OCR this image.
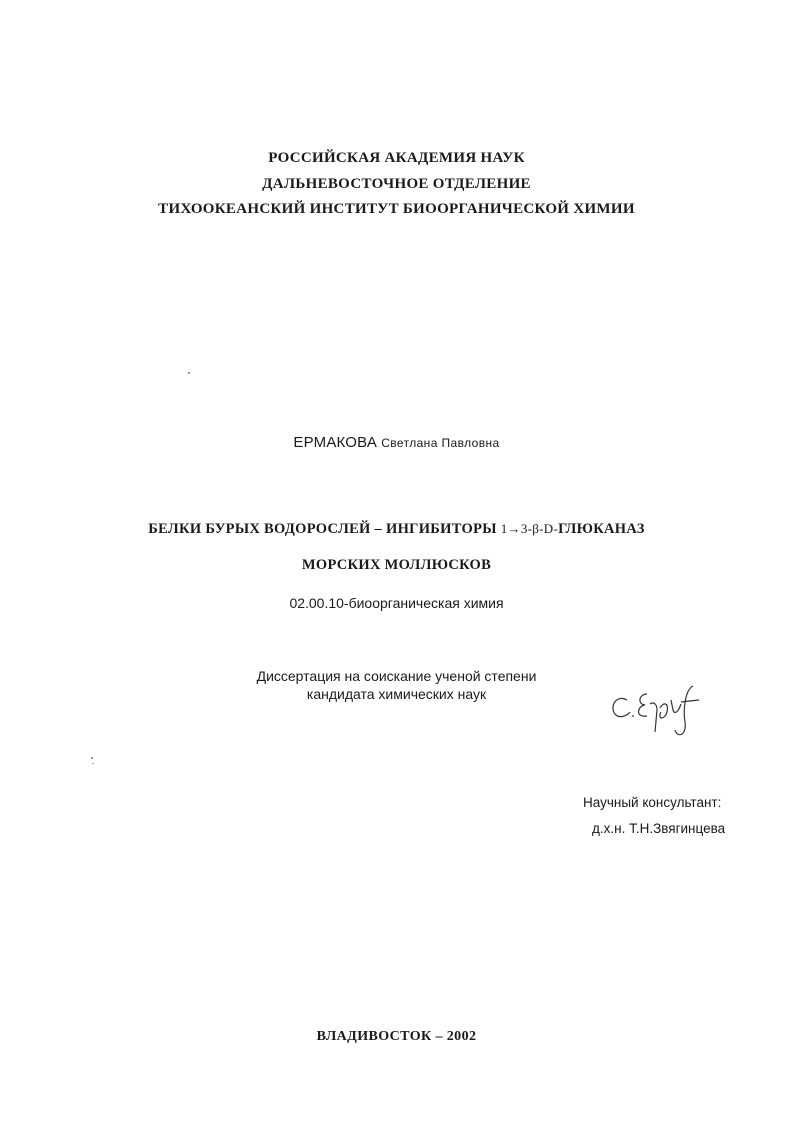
РОССИЙСКАЯ АКАДЕМИЯ НАУК
ДАЛЬНЕВОСТОЧНОЕ ОТДЕЛЕНИЕ
ТИХООКЕАНСКИЙ ИНСТИТУТ БИООРГАНИЧЕСКОЙ ХИМИИ
ЕРМАКОВА Светлана Павловна
БЕЛКИ БУРЫХ ВОДОРОСЛЕЙ – ИНГИБИТОРЫ 1→3-β-D-ГЛЮКАНАЗ
МОРСКИХ МОЛЛЮСКОВ
02.00.10-биоорганическая химия
Диссертация на соискание ученой степени
кандидата химических наук
Научный консультант:
д.х.н. Т.Н.Звягинцева
ВЛАДИВОСТОК – 2002
